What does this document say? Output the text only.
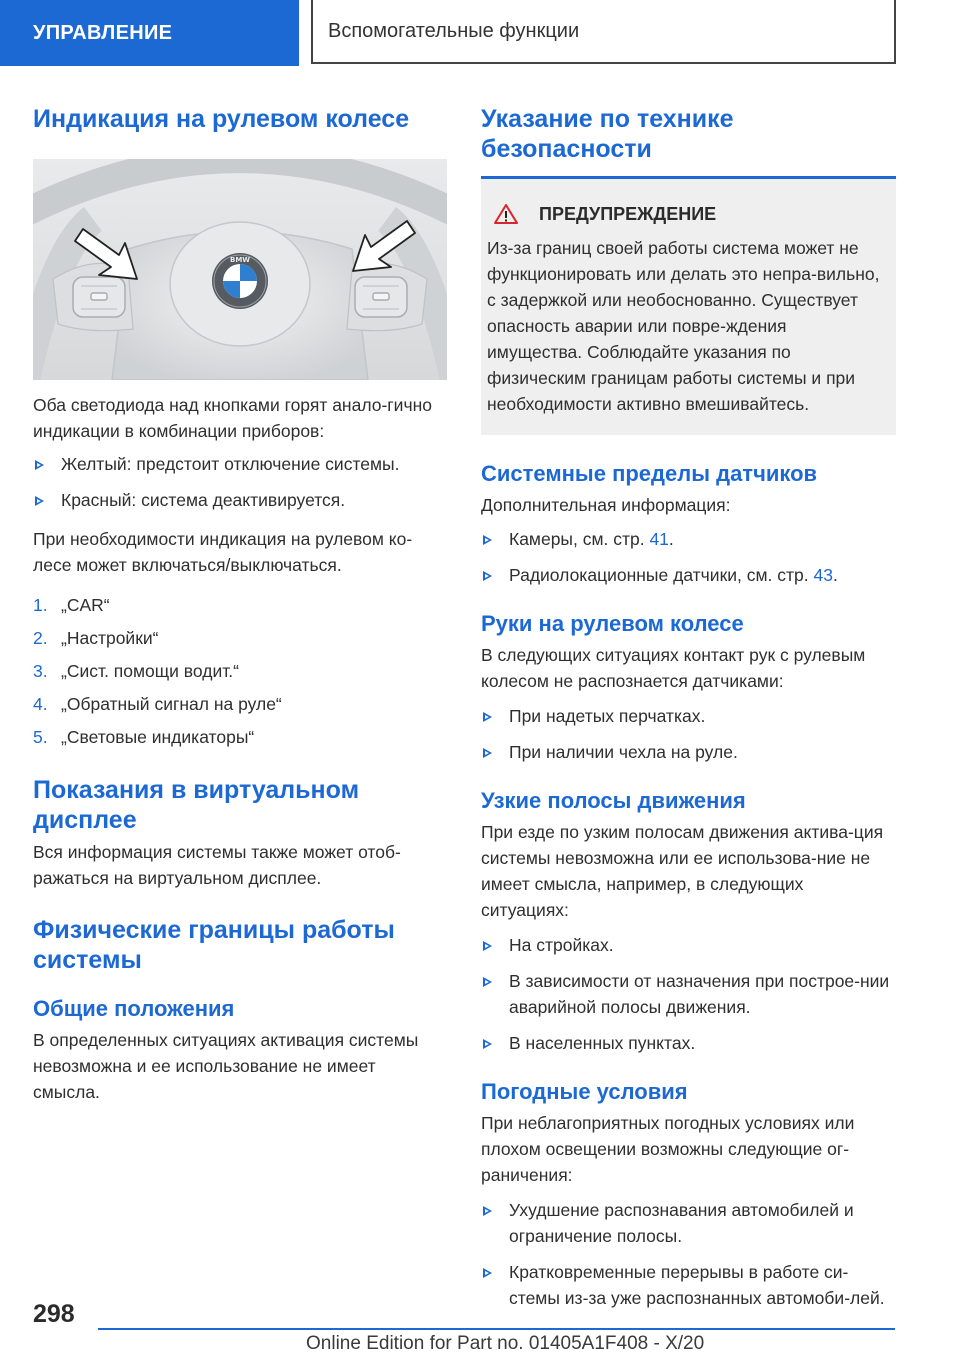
УПРАВЛЕНИЕ	Вспомогательные функции
Индикация на рулевом колесе
BMW

Оба светодиода над кнопками горят анало-гично индикации в комбинации приборов:

Желтый: предстоит отключение системы.
Красный: система деактивируется.

При необходимости индикация на рулевом ко-лесе может включаться/выключаться.

1. „CAR“
2. „Настройки“
3. „Сист. помощи водит.“
4. „Обратный сигнал на руле“
5. „Световые индикаторы“
Показания в виртуальном дисплее

Вся информация системы также может отоб-ражаться на виртуальном дисплее.

Физические границы работы системы
Общие положения

В определенных ситуациях активация системы невозможна и ее использование не имеет смысла.

Указание по технике безопасности
ПРЕДУПРЕЖДЕНИЕ

Из-за границ своей работы система может не функционировать или делать это непра-вильно, с задержкой или необоснованно. Существует опасность аварии или повре-ждения имущества. Соблюдайте указания по физическим границам работы системы и при необходимости активно вмешивайтесь.

Системные пределы датчиков

Дополнительная информация:

Камеры, см. стр. 41.
Радиолокационные датчики, см. стр. 43.
Руки на рулевом колесе

В следующих ситуациях контакт рук с рулевым колесом не распознается датчиками:

При надетых перчатках.
При наличии чехла на руле.
Узкие полосы движения

При езде по узким полосам движения актива-ция системы невозможна или ее использова-ние не имеет смысла, например, в следующих ситуациях:

На стройках.
В зависимости от назначения при построе-нии аварийной полосы движения.
В населенных пунктах.
Погодные условия

При неблагоприятных погодных условиях или плохом освещении возможны следующие ог-раничения:

Ухудшение распознавания автомобилей и ограничение полосы.
Кратковременные перерывы в работе си-стемы из-за уже распознанных автомоби-лей.
298
Online Edition for Part no. 01405A1F408 - X/20
